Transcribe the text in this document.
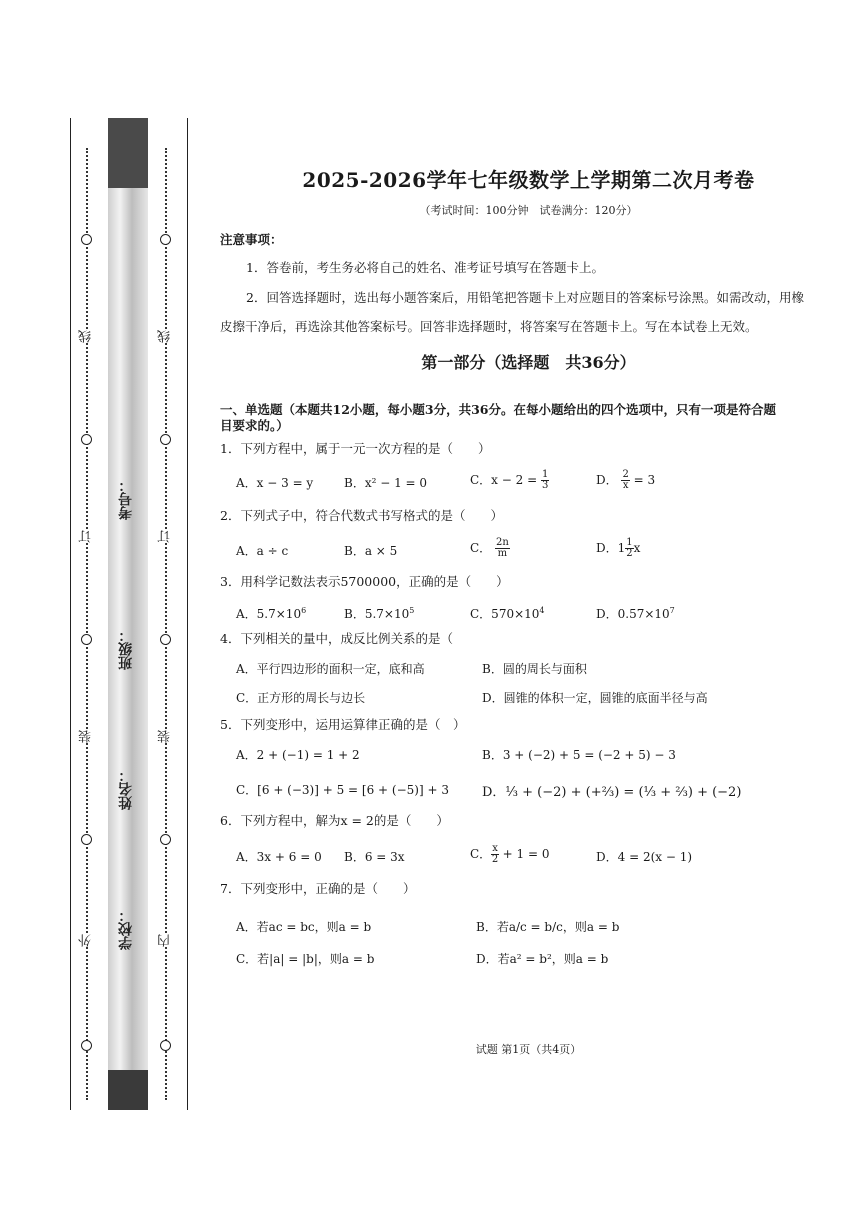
外
装
订
线
内
装
订
线
学校：
姓名：
班级：
考号：
2025-2026学年七年级数学上学期第二次月考卷
（考试时间：100分钟　试卷满分：120分）
注意事项：
1．答卷前，考生务必将自己的姓名、准考证号填写在答题卡上。
2．回答选择题时，选出每小题答案后，用铅笔把答题卡上对应题目的答案标号涂黑。如需改动，用橡
皮擦干净后，再选涂其他答案标号。回答非选择题时，将答案写在答题卡上。写在本试卷上无效。
第一部分（选择题　共36分）
一、单选题（本题共12小题，每小题3分，共36分。在每小题给出的四个选项中，只有一项是符合题
目要求的。）
1．下列方程中，属于一元一次方程的是（　　）
A．x − 3 = y	B．x² − 1 = 0	C．$x - 2 = \frac{1}{3}$	D． $\frac{2}{x} = 3$
2．下列式子中，符合代数式书写格式的是（　　）
A．a ÷ c	B．a × 5	C． $\frac{2n}{m}$	D．$1 \frac{1}{2}$ x
3．用科学记数法表示5700000，正确的是（　　）
A．$5.7\times 10^6$	B．$5.7\times 10^5$	C．$570\times 10^4$	D．$0.57\times 10^7$
4．下列相关的量中，成反比例关系的是（
A．平行四边形的面积一定，底和高	B．圆的周长与面积
C．正方形的周长与边长	D．圆锥的体积一定，圆锥的底面半径与高
5．下列变形中，运用运算律正确的是（　）
A．2 + (−1) = 1 + 2	B．3 + (−2) + 5 = (−2 + 5) − 3
C．[6 + (−3)] + 5 = [6 + (−5)] + 3	D．⅓ + (−2) + (+⅔) = (⅓ + ⅔) + (−2)
6．下列方程中，解为x = 2的是（　　）
A．3x + 6 = 0 B．6 = 3x	C． $\frac{x}{2} + 1 = 0$	D．4 = 2(x − 1)
7．下列变形中，正确的是（　　）
A．若ac = bc，则a = b	B．若a/c = b/c，则a = b
C．若|a| = |b|，则a = b	D．若a² = b²，则a = b
试题 第1页（共4页）
